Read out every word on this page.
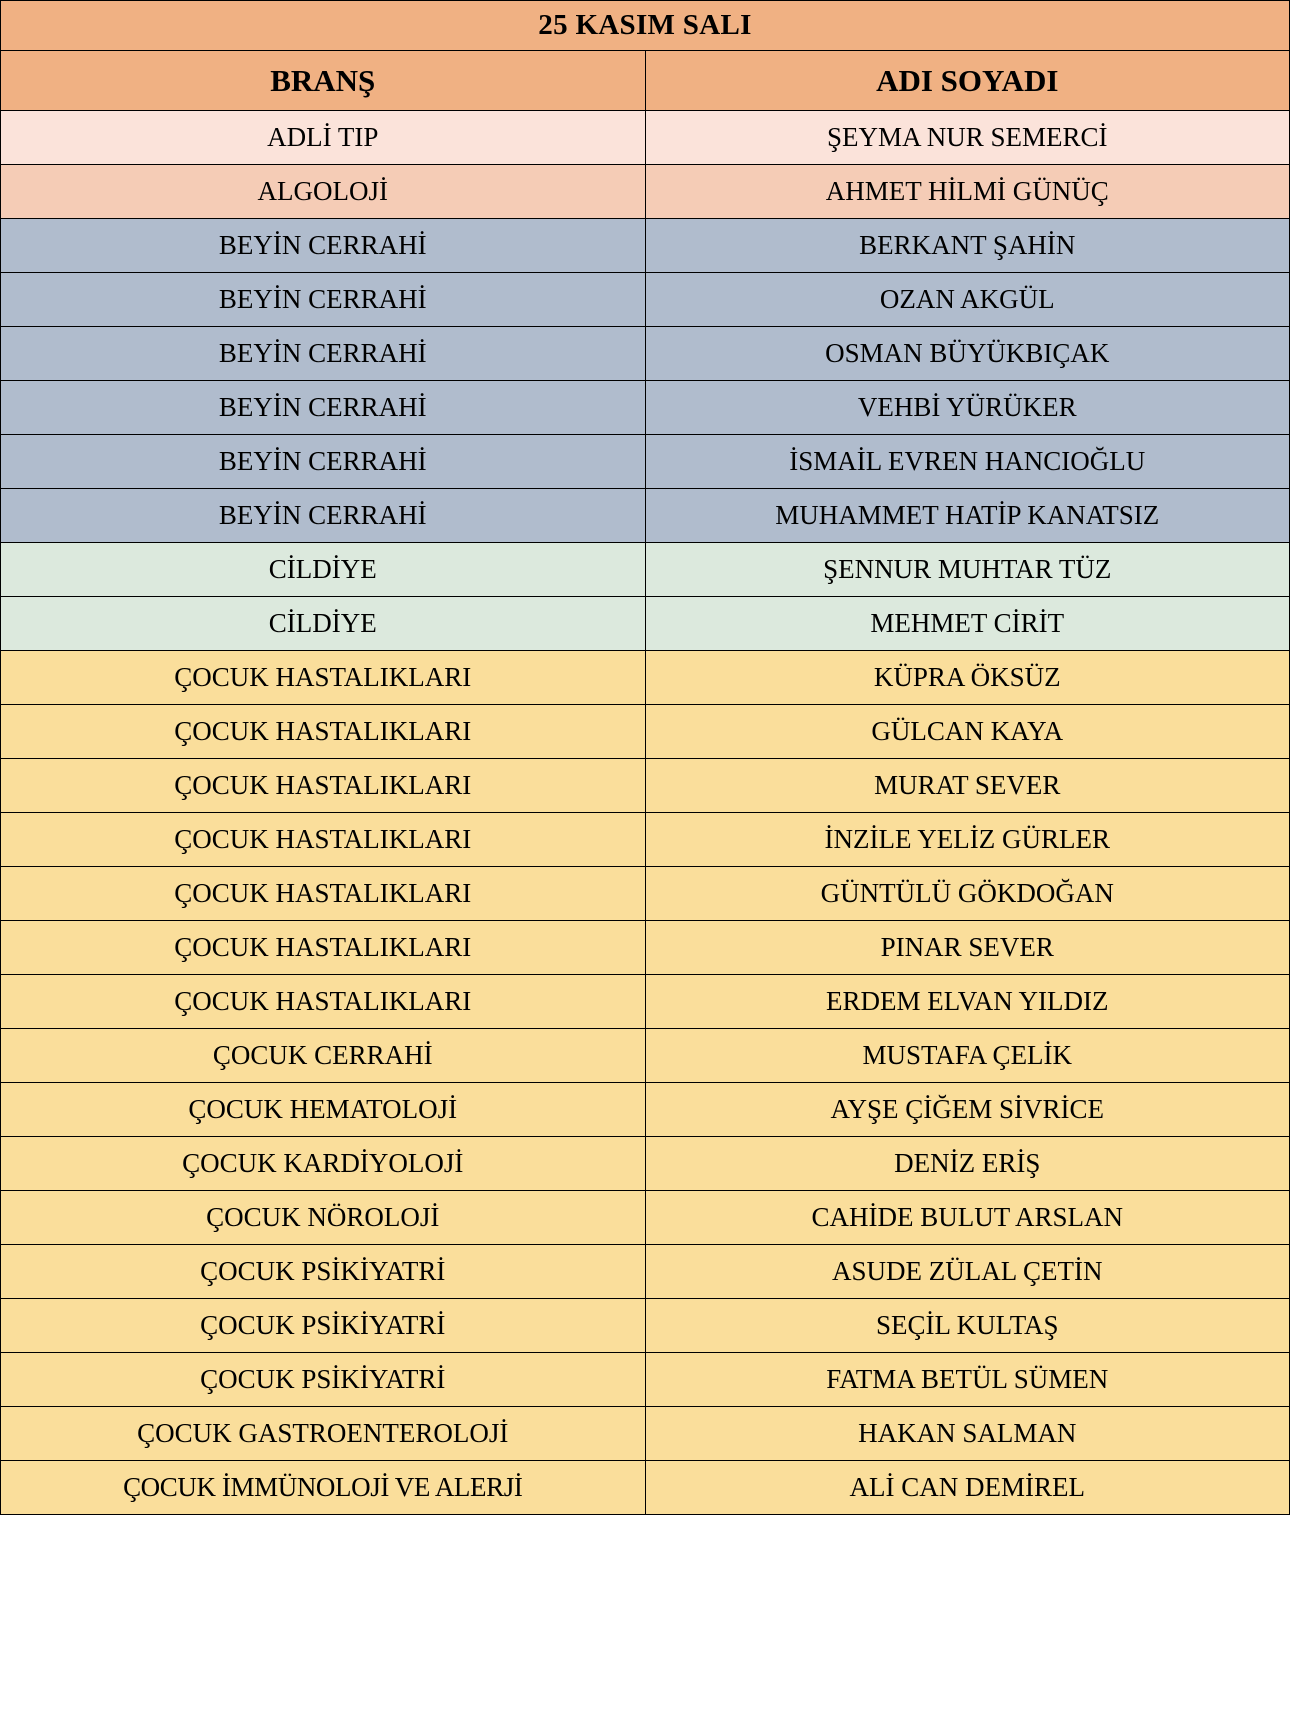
25 KASIM SALI	
BRANŞ	ADI SOYADI
ADLİ TIP	ŞEYMA NUR SEMERCİ
ALGOLOJİ	AHMET HİLMİ GÜNÜÇ
BEYİN CERRAHİ	BERKANT ŞAHİN
BEYİN CERRAHİ	OZAN AKGÜL
BEYİN CERRAHİ	OSMAN BÜYÜKBIÇAK
BEYİN CERRAHİ	VEHBİ YÜRÜKER
BEYİN CERRAHİ	İSMAİL EVREN HANCIOĞLU
BEYİN CERRAHİ	MUHAMMET HATİP KANATSIZ
CİLDİYE	ŞENNUR MUHTAR TÜZ
CİLDİYE	MEHMET CİRİT
ÇOCUK HASTALIKLARI	KÜPRA ÖKSÜZ
ÇOCUK HASTALIKLARI	GÜLCAN KAYA
ÇOCUK HASTALIKLARI	MURAT SEVER
ÇOCUK HASTALIKLARI	İNZİLE YELİZ GÜRLER
ÇOCUK HASTALIKLARI	GÜNTÜLÜ GÖKDOĞAN
ÇOCUK HASTALIKLARI	PINAR SEVER
ÇOCUK HASTALIKLARI	ERDEM ELVAN YILDIZ
ÇOCUK CERRAHİ	MUSTAFA ÇELİK
ÇOCUK HEMATOLOJİ	AYŞE ÇİĞEM SİVRİCE
ÇOCUK KARDİYOLOJİ	DENİZ ERİŞ
ÇOCUK NÖROLOJİ	CAHİDE BULUT ARSLAN
ÇOCUK PSİKİYATRİ	ASUDE ZÜLAL ÇETİN
ÇOCUK PSİKİYATRİ	SEÇİL KULTAŞ
ÇOCUK PSİKİYATRİ	FATMA BETÜL SÜMEN
ÇOCUK GASTROENTEROLOJİ	HAKAN SALMAN
ÇOCUK İMMÜNOLOJİ VE ALERJİ	ALİ CAN DEMİREL
